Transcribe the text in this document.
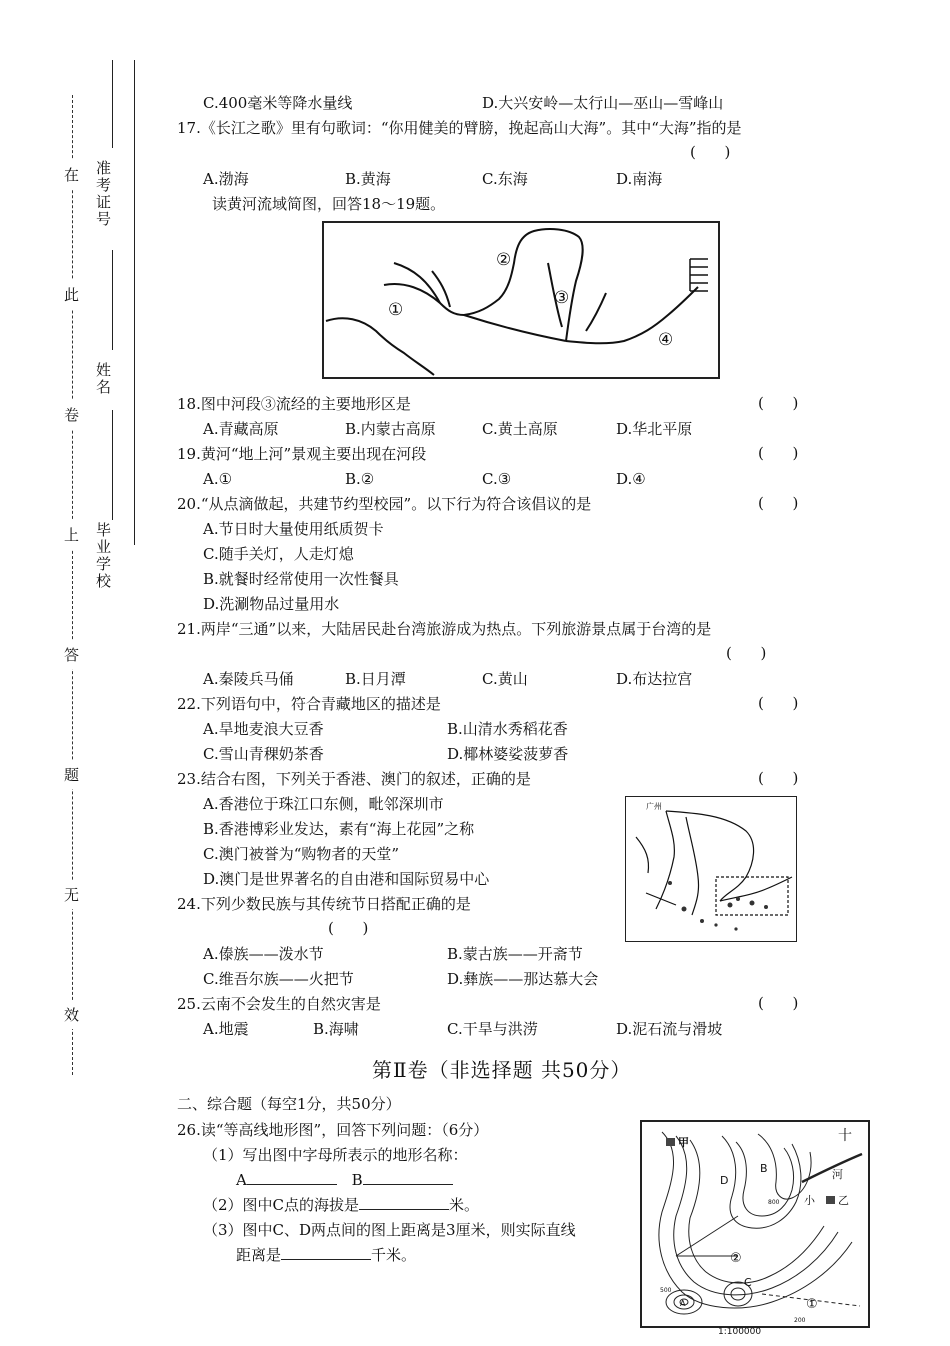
在
此
卷
上
答
题
无
效
准考证号
姓名
毕业学校
C.400毫米等降水量线	D.大兴安岭—太行山—巫山—雪峰山
17.《长江之歌》里有句歌词：“你用健美的臂膀，挽起高山大海”。其中“大海”指的是
(      )
A.渤海	B.黄海	C.东海	D.南海
读黄河流域简图，回答18～19题。
①
②
③
④
18.图中河段③流经的主要地形区是	(      )
A.青藏高原	B.内蒙古高原	C.黄土高原	D.华北平原
19.黄河“地上河”景观主要出现在河段	(      )
A.①	B.②	C.③	D.④
20.“从点滴做起，共建节约型校园”。以下行为符合该倡议的是	(      )
A.节日时大量使用纸质贺卡
C.随手关灯，人走灯熄
B.就餐时经常使用一次性餐具
D.洗涮物品过量用水
21.两岸“三通”以来，大陆居民赴台湾旅游成为热点。下列旅游景点属于台湾的是
(      )
A.秦陵兵马俑	B.日月潭	C.黄山	D.布达拉宫
22.下列语句中，符合青藏地区的描述是	(      )
A.旱地麦浪大豆香	B.山清水秀稻花香
C.雪山青稞奶茶香	D.椰林婆娑菠萝香
23.结合右图，下列关于香港、澳门的叙述，正确的是	(      )
A.香港位于珠江口东侧，毗邻深圳市
B.香港博彩业发达，素有“海上花园”之称
C.澳门被誉为“购物者的天堂”
D.澳门是世界著名的自由港和国际贸易中心
广州
24.下列少数民族与其传统节日搭配正确的是
(      )
A.傣族——泼水节	B.蒙古族——开斋节
C.维吾尔族——火把节	D.彝族——那达慕大会
25.云南不会发生的自然灾害是	(      )
A.地震	B.海啸	C.干旱与洪涝	D.泥石流与滑坡
第Ⅱ卷（非选择题 共50分）
二、综合题（每空1分，共50分）
26.读“等高线地形图”，回答下列问题：（6分）
（1）写出图中字母所表示的地形名称：
A	B
（2）图中C点的海拔是	米。
（3）图中C、D两点间的图上距离是3厘米，则实际直线
距离是	千米。
甲
B
D
C
A
河
小 乙
十
①
②
800
200
500
1:100000
